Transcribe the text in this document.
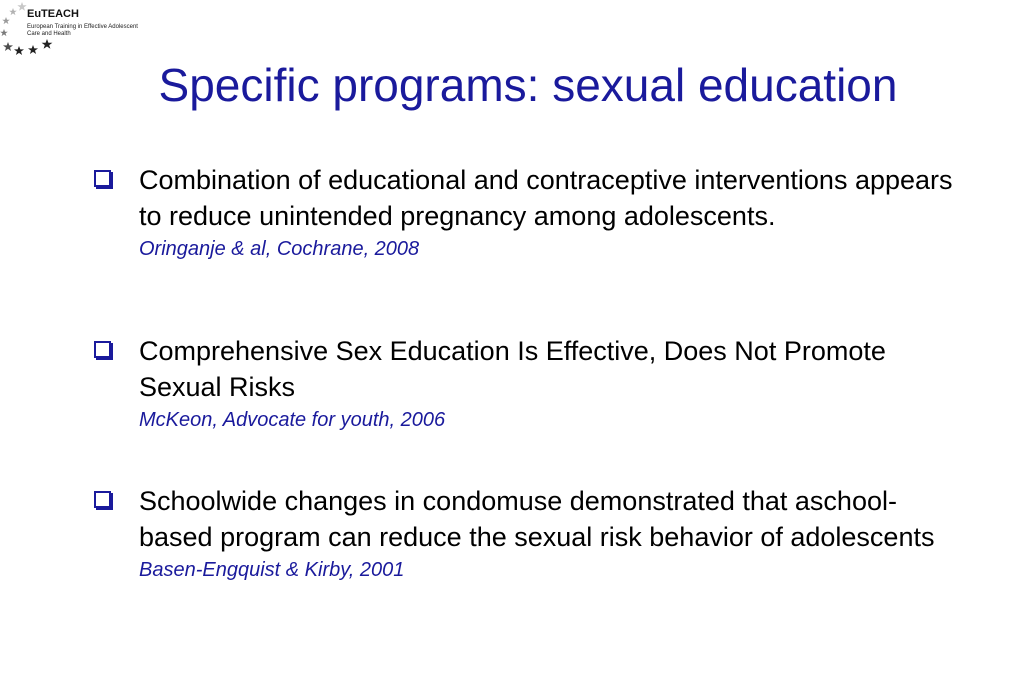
EuTEACH
European Training in Effective Adolescent Care and Health
Specific programs: sexual education
Combination of educational and contraceptive interventions appears to reduce unintended pregnancy among adolescents.
Oringanje & al, Cochrane, 2008
Comprehensive Sex Education Is Effective, Does Not Promote Sexual Risks
McKeon, Advocate for youth, 2006
Schoolwide changes in condomuse demonstrated that aschool-based program can reduce the sexual risk behavior of adolescents
Basen-Engquist & Kirby, 2001
